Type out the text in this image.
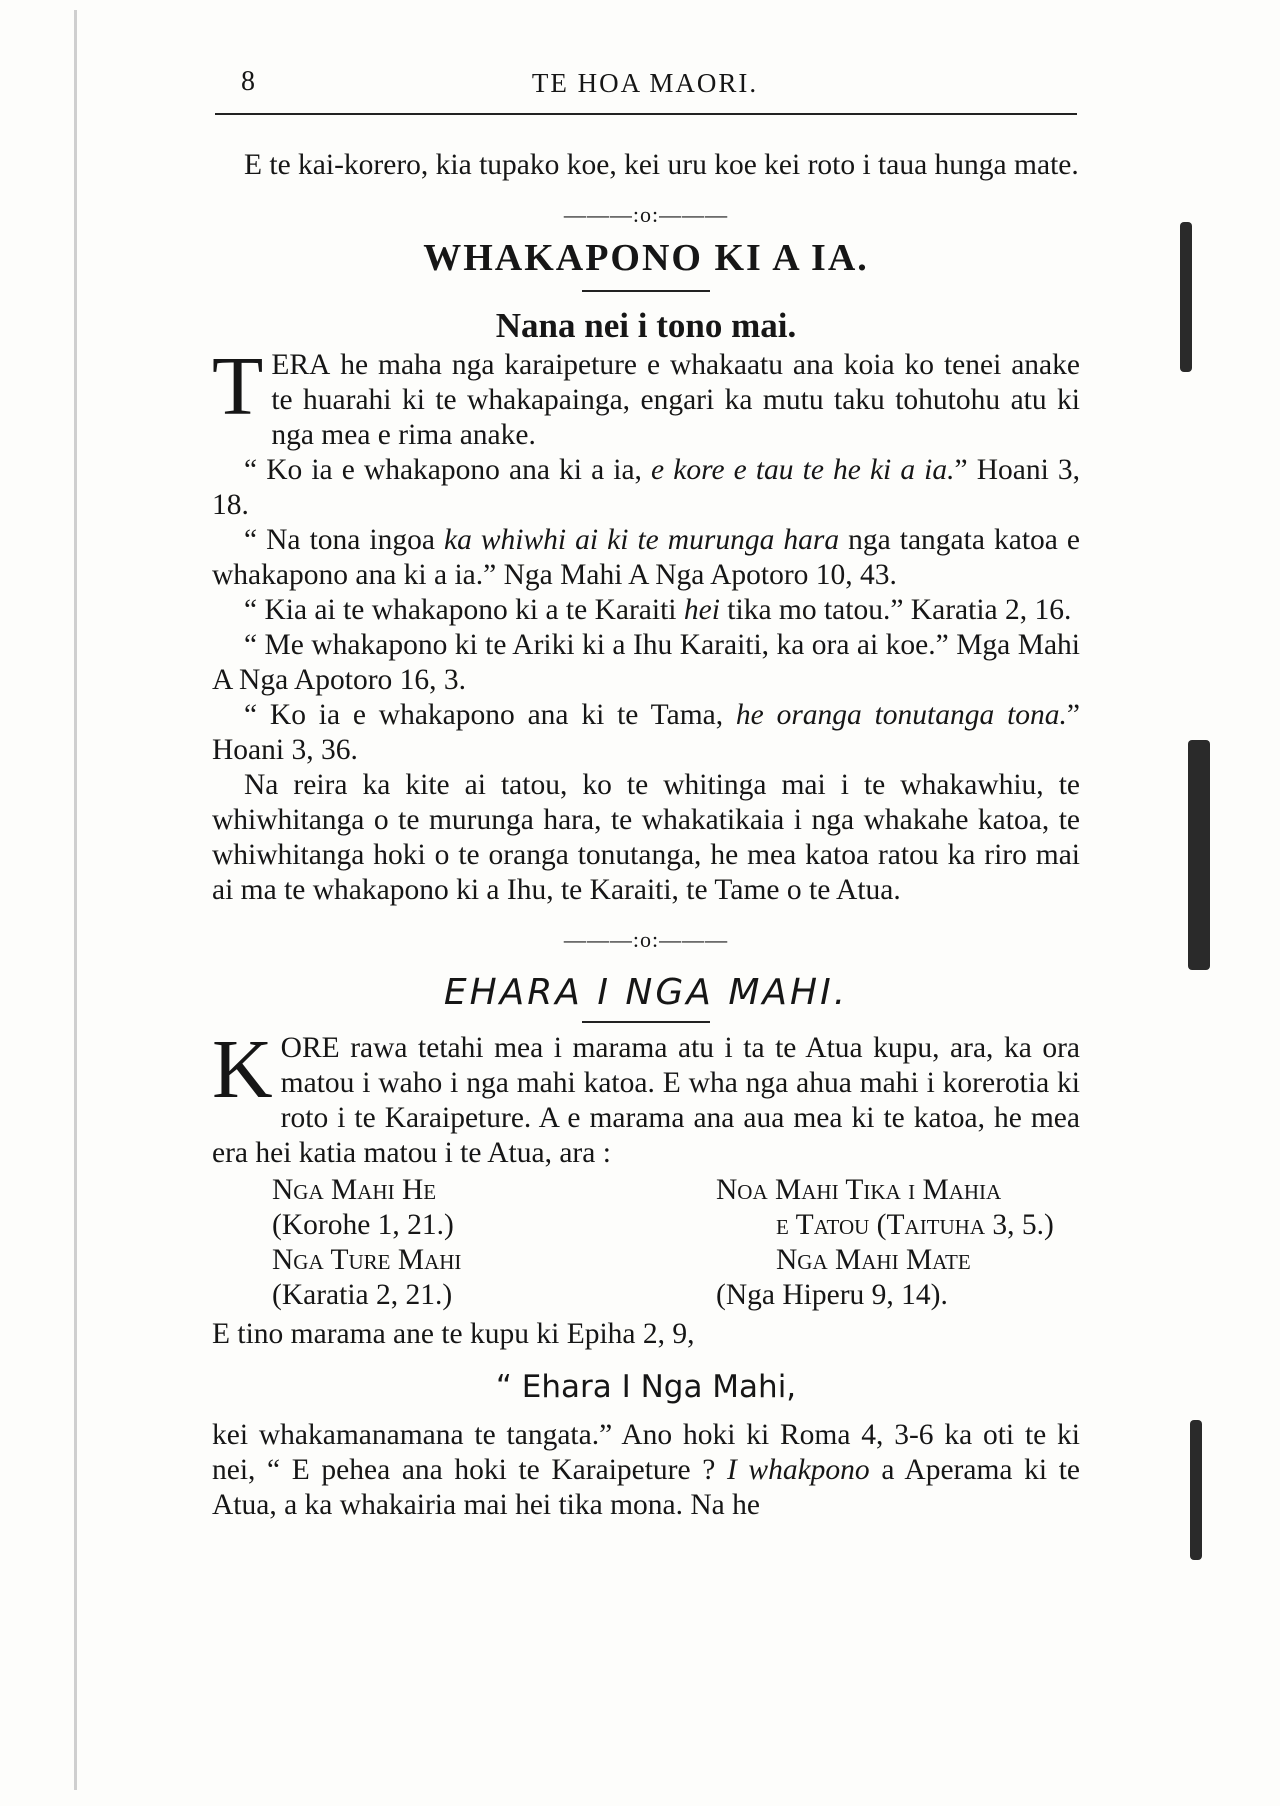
8	TE HOA MAORI.

E te kai-korero, kia tupako koe, kei uru koe kei roto i taua hunga mate.

———:o:———
WHAKAPONO KI A IA.
Nana nei i tono mai.

TERA he maha nga karaipeture e whakaatu ana koia ko tenei anake te huarahi ki te whakapainga, engari ka mutu taku tohutohu atu ki nga mea e rima anake.

“ Ko ia e whakapono ana ki a ia, e kore e tau te he ki a ia.” Hoani 3, 18.

“ Na tona ingoa ka whiwhi ai ki te murunga hara nga tangata katoa e whakapono ana ki a ia.” Nga Mahi A Nga Apotoro 10, 43.

“ Kia ai te whakapono ki a te Karaiti hei tika mo tatou.” Karatia 2, 16.

“ Me whakapono ki te Ariki ki a Ihu Karaiti, ka ora ai koe.” Mga Mahi A Nga Apotoro 16, 3.

“ Ko ia e whakapono ana ki te Tama, he oranga tonutanga tona.” Hoani 3, 36.

Na reira ka kite ai tatou, ko te whitinga mai i te whakawhiu, te whiwhitanga o te murunga hara, te whakatikaia i nga whakahe katoa, te whiwhitanga hoki o te oranga tonutanga, he mea katoa ratou ka riro mai ai ma te whakapono ki a Ihu, te Karaiti, te Tame o te Atua.

———:o:———
EHARA I NGA MAHI.

KORE rawa tetahi mea i marama atu i ta te Atua kupu, ara, ka ora matou i waho i nga mahi katoa. E wha nga ahua mahi i korerotia ki roto i te Karaipeture. A e marama ana aua mea ki te katoa, he mea era hei katia matou i te Atua, ara :

Nga Mahi He
(Korohe 1, 21.)
Nga Ture Mahi
(Karatia 2, 21.)
Noa Mahi Tika i Mahia
e Tatou (Taituha 3, 5.)
Nga Mahi Mate
(Nga Hiperu 9, 14).

E tino marama ane te kupu ki Epiha 2, 9,

“ Ehara I Nga Mahi,

kei whakamanamana te tangata.” Ano hoki ki Roma 4, 3-6 ka oti te ki nei, “ E pehea ana hoki te Karaipeture ? I whakpono a Aperama ki te Atua, a ka whakairia mai hei tika mona. Na he
